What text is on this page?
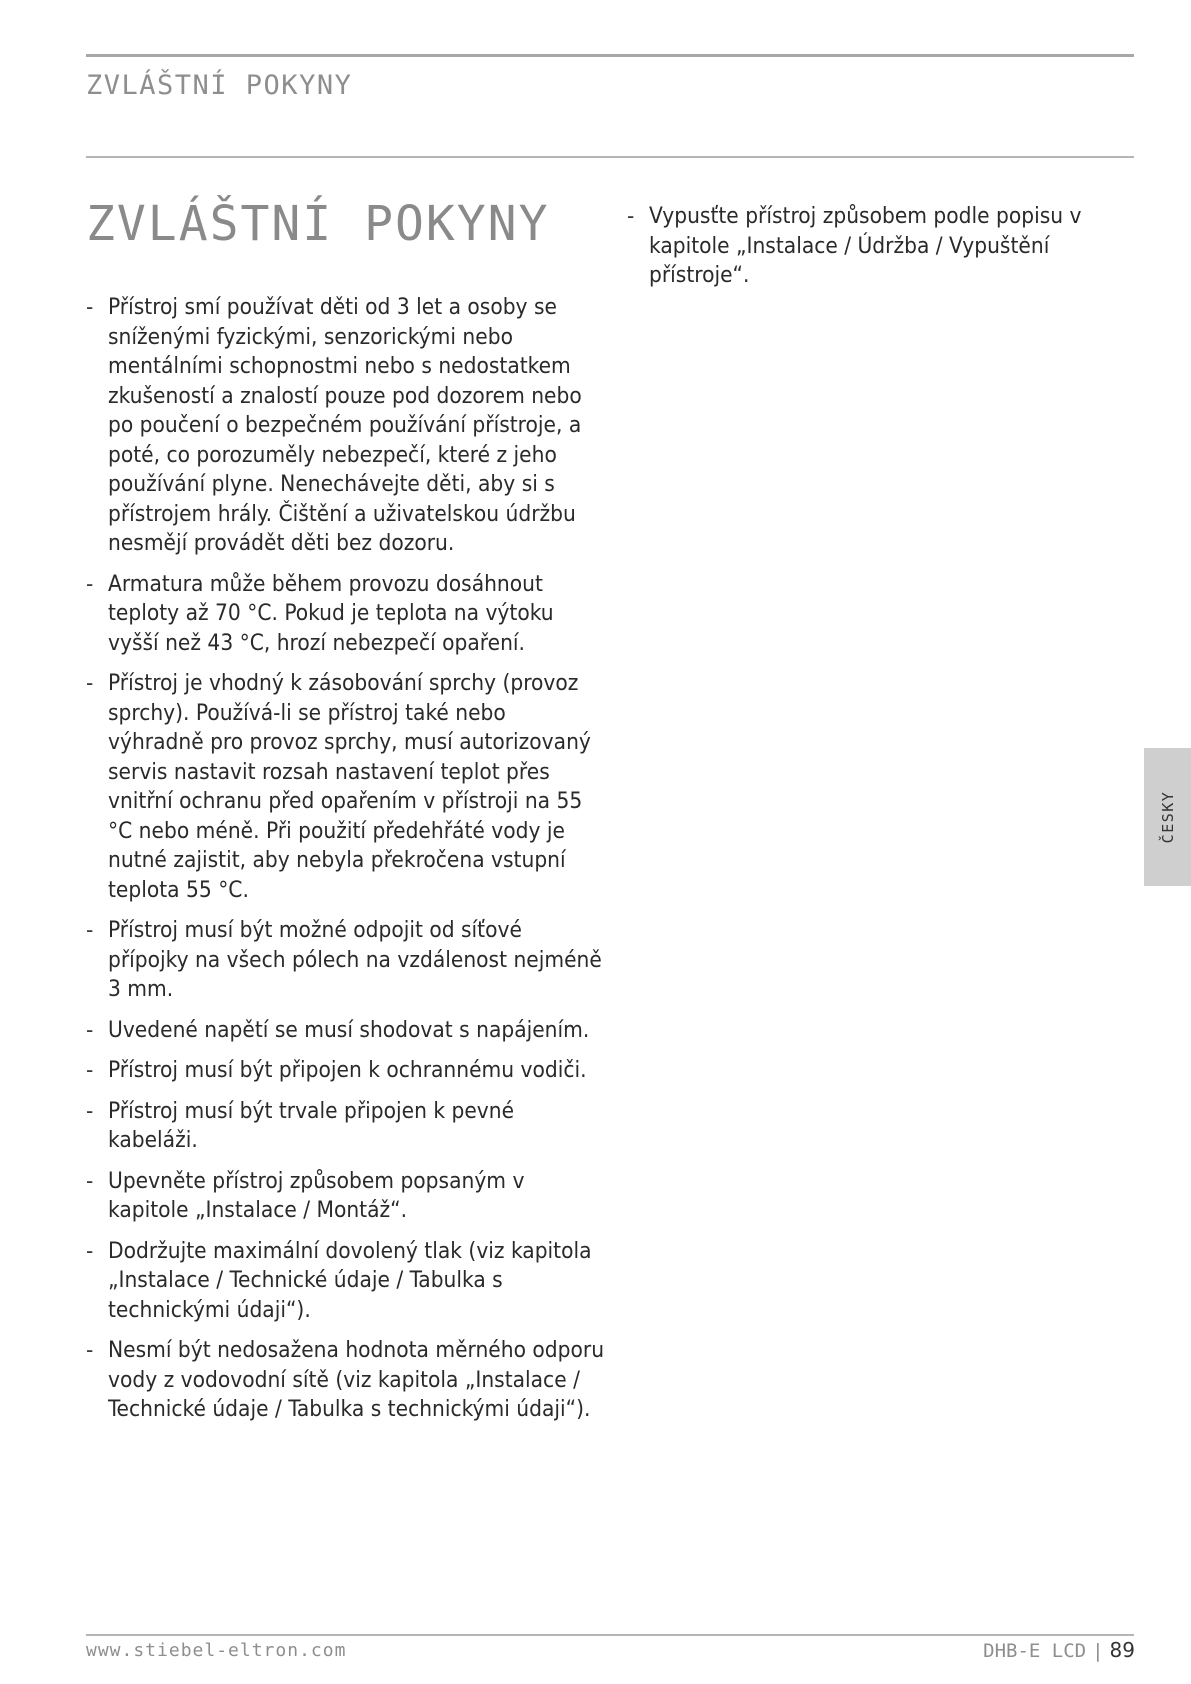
ZVLÁŠTNÍ POKYNY
ZVLÁŠTNÍ POKYNY
- Přístroj smí používat děti od 3 let a osoby se sníženými fyzickými, senzorickými nebo mentálními schopnostmi nebo s nedostatkem zkušeností a znalostí pouze pod dozorem nebo po poučení o bezpečném používání přístroje, a poté, co porozuměly nebezpečí, které z jeho používání plyne. Nenechávejte děti, aby si s přístrojem hrály. Čištění a uživatelskou údržbu nesmějí provádět děti bez dozoru.
- Armatura může během provozu dosáhnout teploty až 70 °C. Pokud je teplota na výtoku vyšší než 43 °C, hrozí nebezpečí opaření.
- Přístroj je vhodný k zásobování sprchy (provoz sprchy). Používá-li se přístroj také nebo výhradně pro provoz sprchy, musí autorizovaný servis nastavit rozsah nastavení teplot přes vnitřní ochranu před opařením v přístroji na 55 °C nebo méně. Při použití předehřáté vody je nutné zajistit, aby nebyla překročena vstupní teplota 55 °C.
- Přístroj musí být možné odpojit od síťové přípojky na všech pólech na vzdálenost nejméně 3 mm.
- Uvedené napětí se musí shodovat s napájením.
- Přístroj musí být připojen k ochrannému vodiči.
- Přístroj musí být trvale připojen k pevné kabeláži.
- Upevněte přístroj způsobem popsaným v kapitole „Instalace / Montáž“.
- Dodržujte maximální dovolený tlak (viz kapitola „Instalace / Technické údaje / Tabulka s technickými údaji“).
- Nesmí být nedosažena hodnota měrného odporu vody z vodovodní sítě (viz kapitola „Instalace / Technické údaje / Tabulka s technickými údaji“).
- Vypusťte přístroj způsobem podle popisu v kapitole „Instalace / Údržba / Vypuštění přístroje“.
ČESKY
www.stiebel-eltron.com	DHB-E LCD | 89
